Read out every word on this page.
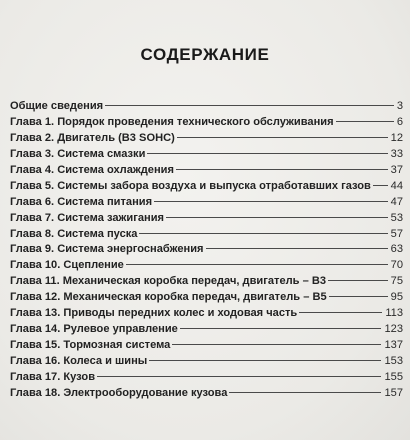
СОДЕРЖАНИЕ
Общие сведения	3
Глава 1. Порядок проведения технического обслуживания	6
Глава 2. Двигатель (В3 SOHC)	12
Глава 3. Система смазки	33
Глава 4. Система охлаждения	37
Глава 5. Системы забора воздуха и выпуска отработавших газов 44
Глава 6. Система питания	47
Глава 7. Система зажигания	53
Глава 8. Система пуска	57
Глава 9. Система энергоснабжения	63
Глава 10. Сцепление	70
Глава 11. Механическая коробка передач, двигатель – В3	75
Глава 12. Механическая коробка передач, двигатель – В5	95
Глава 13. Приводы передних колес и ходовая часть	113
Глава 14. Рулевое управление	123
Глава 15. Тормозная система	137
Глава 16. Колеса и шины	153
Глава 17. Кузов	155
Глава 18. Электрооборудование кузова	157
